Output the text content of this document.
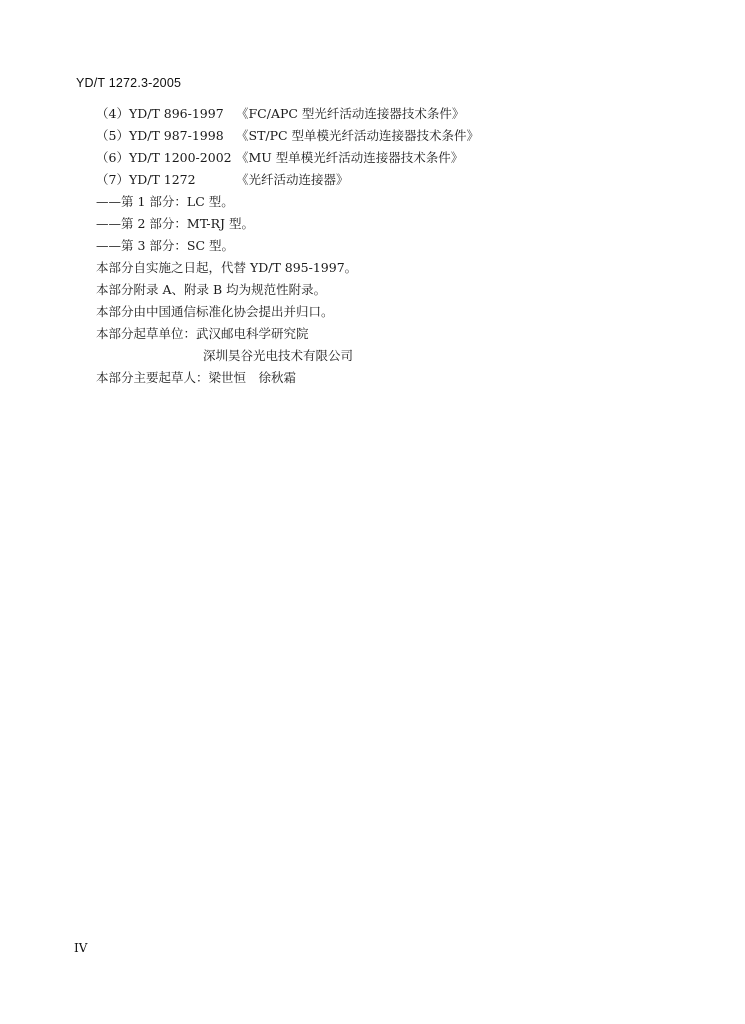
YD/T 1272.3-2005
（4）YD/T 896-1997 《FC/APC 型光纤活动连接器技术条件》
（5）YD/T 987-1998 《ST/PC 型单模光纤活动连接器技术条件》
（6）YD/T 1200-2002 《MU 型单模光纤活动连接器技术条件》
（7）YD/T 1272	《光纤活动连接器》
——第 1 部分：LC 型。
——第 2 部分：MT-RJ 型。
——第 3 部分：SC 型。
本部分自实施之日起，代替 YD/T 895-1997。
本部分附录 A、附录 B 均为规范性附录。
本部分由中国通信标准化协会提出并归口。
本部分起草单位：武汉邮电科学研究院
深圳昊谷光电技术有限公司
本部分主要起草人：梁世恒　徐秋霜
IV
